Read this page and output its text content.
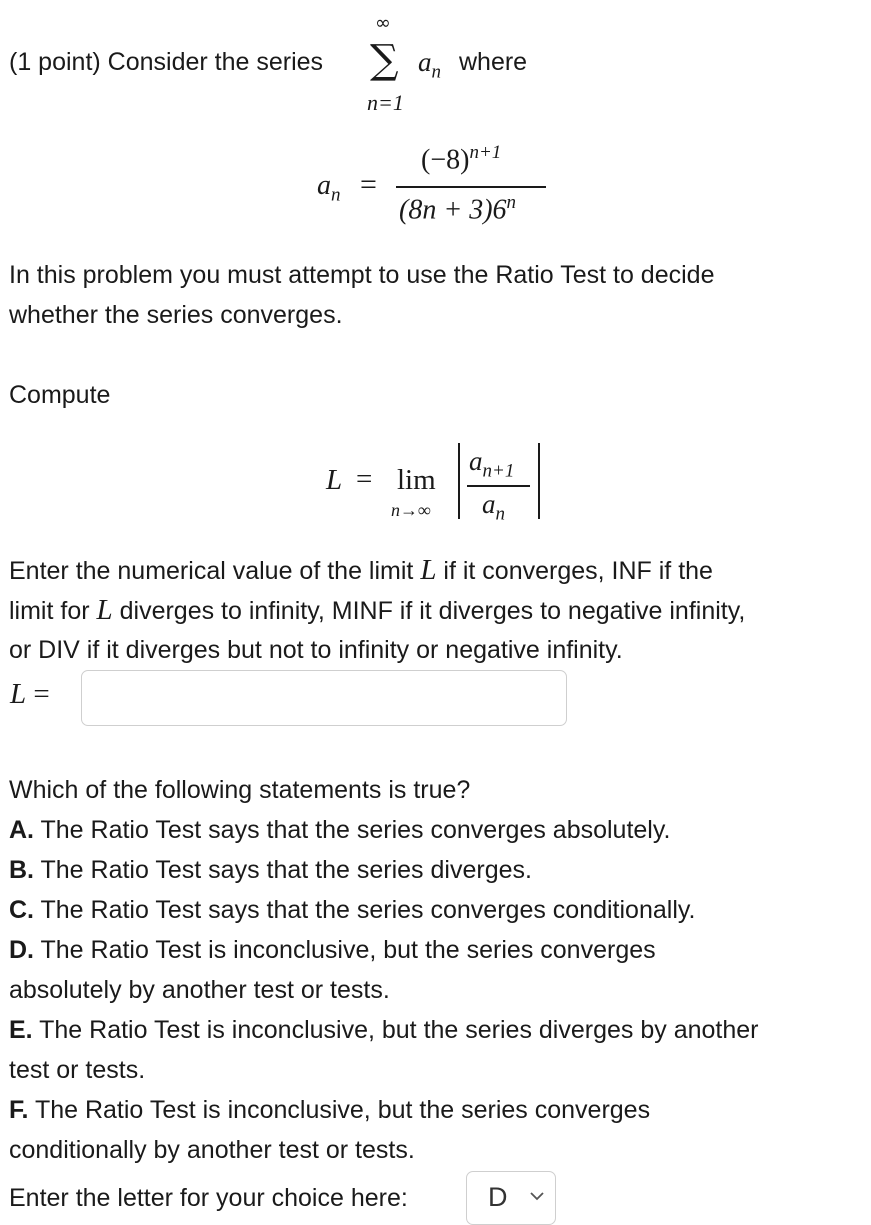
(1 point) Consider the series
∞
∑
n=1
$a_n$ where
$a_n$ =
$(-8)^{n+1}$
$(8n + 3)6^n$
In this problem you must attempt to use the Ratio Test to decide
whether the series converges.
Compute
L = lim
n→∞
$a_{n+1}$
$a_n$
Enter the numerical value of the limit L if it converges, INF if the
limit for L diverges to infinity, MINF if it diverges to negative infinity,
or DIV if it diverges but not to infinity or negative infinity.
L =
Which of the following statements is true?
A. The Ratio Test says that the series converges absolutely.
B. The Ratio Test says that the series diverges.
C. The Ratio Test says that the series converges conditionally.
D. The Ratio Test is inconclusive, but the series converges
absolutely by another test or tests.
E. The Ratio Test is inconclusive, but the series diverges by another
test or tests.
F. The Ratio Test is inconclusive, but the series converges
conditionally by another test or tests.
Enter the letter for your choice here:	D
